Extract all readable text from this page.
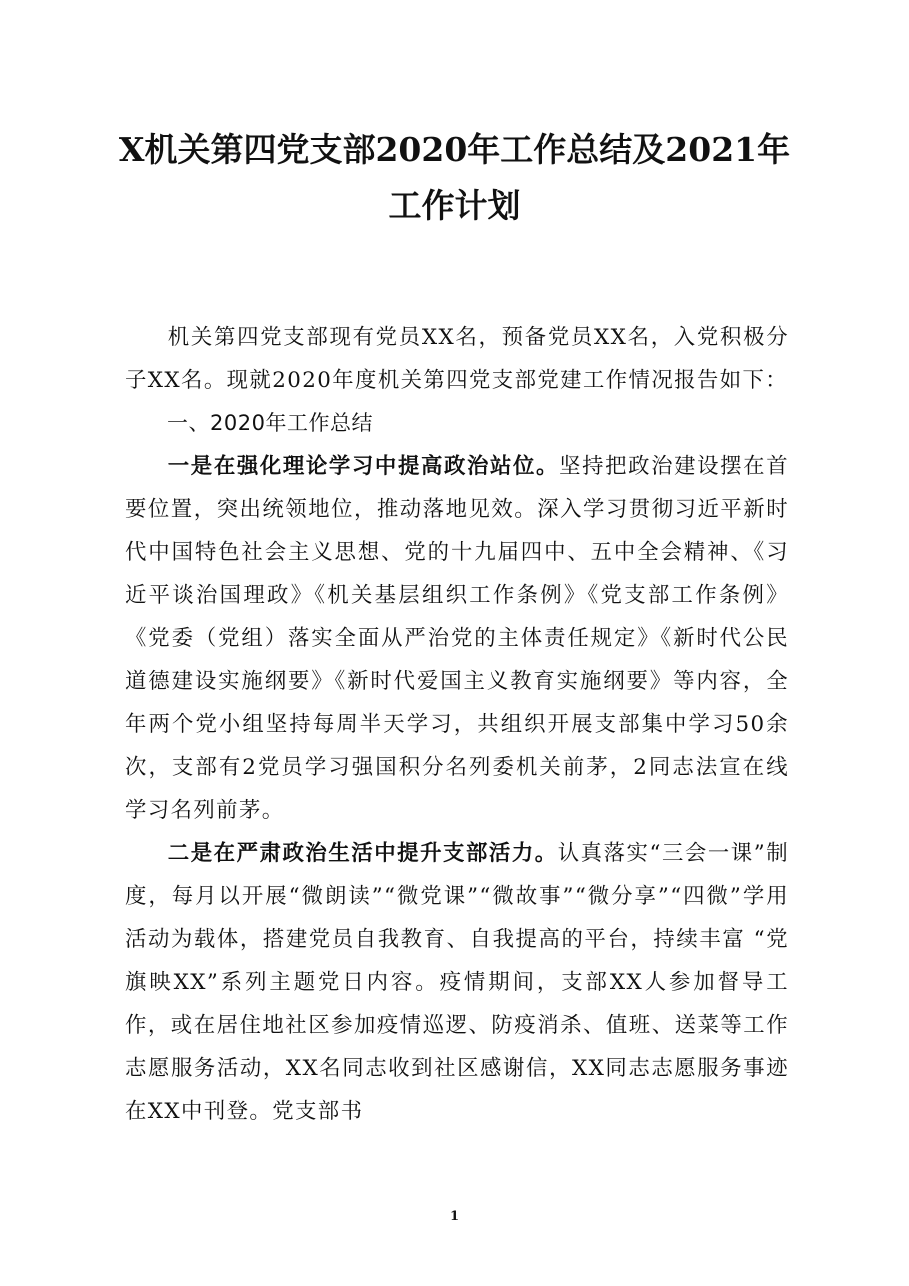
X机关第四党支部2020年工作总结及2021年
工作计划

机关第四党支部现有党员XX名，预备党员XX名，入党积极分子XX名。现就2020年度机关第四党支部党建工作情况报告如下：

一、2020年工作总结

一是在强化理论学习中提高政治站位。坚持把政治建设摆在首要位置，突出统领地位，推动落地见效。深入学习贯彻习近平新时代中国特色社会主义思想、党的十九届四中、五中全会精神、《习近平谈治国理政》《机关基层组织工作条例》《党支部工作条例》《党委（党组）落实全面从严治党的主体责任规定》《新时代公民道德建设实施纲要》《新时代爱国主义教育实施纲要》等内容，全年两个党小组坚持每周半天学习，共组织开展支部集中学习50余次，支部有2党员学习强国积分名列委机关前茅，2同志法宣在线学习名列前茅。

二是在严肃政治生活中提升支部活力。认真落实“三会一课”制度，每月以开展“微朗读”“微党课”“微故事”“微分享”“四微”学用活动为载体，搭建党员自我教育、自我提高的平台，持续丰富 “党旗映XX”系列主题党日内容。疫情期间，支部XX人参加督导工作，或在居住地社区参加疫情巡逻、防疫消杀、值班、送菜等工作志愿服务活动，XX名同志收到社区感谢信，XX同志志愿服务事迹在XX中刊登。党支部书

1
